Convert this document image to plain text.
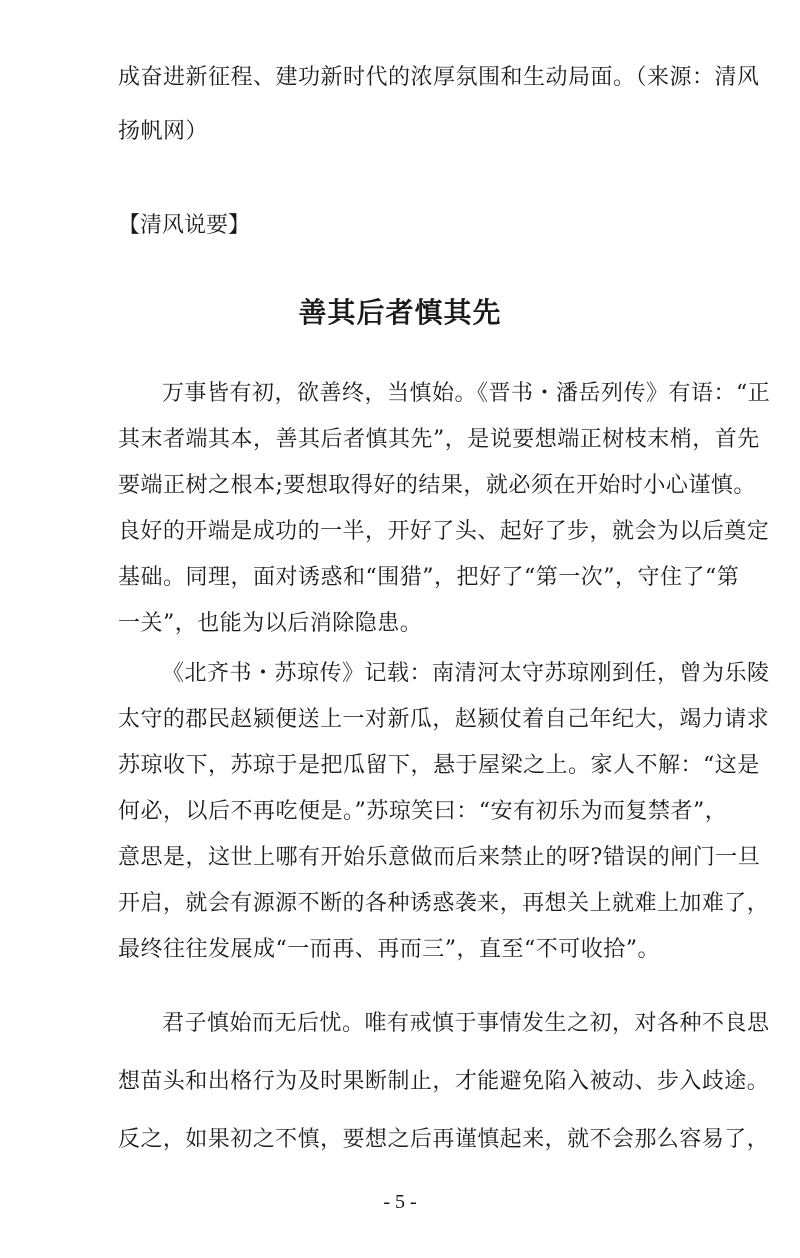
成奋进新征程、建功新时代的浓厚氛围和生动局面。（来源：清风
扬帆网）
【清风说要】
善其后者慎其先
万事皆有初，欲善终，当慎始。《晋书・潘岳列传》有语：“正
其末者端其本，善其后者慎其先”，是说要想端正树枝末梢，首先
要端正树之根本;要想取得好的结果，就必须在开始时小心谨慎。
良好的开端是成功的一半，开好了头、起好了步，就会为以后奠定
基础。同理，面对诱惑和“围猎”，把好了“第一次”，守住了“第
一关”，也能为以后消除隐患。
《北齐书・苏琼传》记载：南清河太守苏琼刚到任，曾为乐陵
太守的郡民赵颍便送上一对新瓜，赵颍仗着自己年纪大，竭力请求
苏琼收下，苏琼于是把瓜留下，悬于屋梁之上。家人不解：“这是
何必，以后不再吃便是。”苏琼笑曰：“安有初乐为而复禁者”，
意思是，这世上哪有开始乐意做而后来禁止的呀?错误的闸门一旦
开启，就会有源源不断的各种诱惑袭来，再想关上就难上加难了，
最终往往发展成“一而再、再而三”，直至“不可收拾”。
君子慎始而无后忧。唯有戒慎于事情发生之初，对各种不良思
想苗头和出格行为及时果断制止，才能避免陷入被动、步入歧途。
反之，如果初之不慎，要想之后再谨慎起来，就不会那么容易了，
- 5 -
